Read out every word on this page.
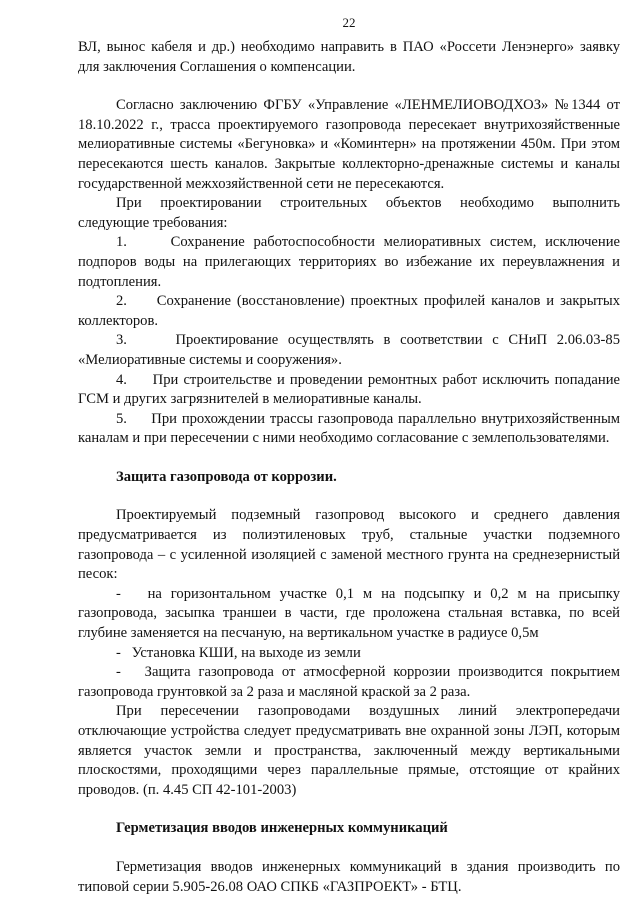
22

ВЛ, вынос кабеля и др.) необходимо направить в ПАО «Россети Ленэнерго» заявку для заключения Соглашения о компенсации.

Согласно заключению ФГБУ «Управление «ЛЕНМЕЛИОВОДХОЗ» №1344 от 18.10.2022 г., трасса проектируемого газопровода пересекает внутрихозяйственные мелиоративные системы «Бегуновка» и «Коминтерн» на протяжении 450м. При этом пересекаются шесть каналов. Закрытые коллекторно-дренажные системы и каналы государственной межхозяйственной сети не пересекаются.

При проектировании строительных объектов необходимо выполнить следующие требования:

1.     Сохранение работоспособности мелиоративных систем, исключение подпоров воды на прилегающих территориях во избежание их переувлажнения и подтопления.

2.     Сохранение (восстановление) проектных профилей каналов и закрытых коллекторов.

3.     Проектирование осуществлять в соответствии с СНиП 2.06.03-85 «Мелиоративные системы и сооружения».

4.     При строительстве и проведении ремонтных работ исключить попадание ГСМ и других загрязнителей в мелиоративные каналы.

5.     При прохождении трассы газопровода параллельно внутрихозяйственным каналам и при пересечении с ними необходимо согласование с землепользователями.

Защита газопровода от коррозии.

Проектируемый подземный газопровод высокого и среднего давления предусматривается из полиэтиленовых труб, стальные участки подземного газопровода – с усиленной изоляцией с заменой местного грунта на среднезернистый песок:

-   на горизонтальном участке 0,1 м на подсыпку и 0,2 м на присыпку газопровода, засыпка траншеи в части, где проложена стальная вставка, по всей глубине заменяется на песчаную, на вертикальном участке в радиусе 0,5м

-   Установка КШИ, на выходе из земли

-   Защита газопровода от атмосферной коррозии производится покрытием газопровода грунтовкой за 2 раза и масляной краской за 2 раза.

При пересечении газопроводами воздушных линий электропередачи отключающие устройства следует предусматривать вне охранной зоны ЛЭП, которым является участок земли и пространства, заключенный между вертикальными плоскостями, проходящими через параллельные прямые, отстоящие от крайних проводов. (п. 4.45 СП 42-101-2003)

Герметизация вводов инженерных коммуникаций

Герметизация вводов инженерных коммуникаций в здания производить по типовой серии 5.905-26.08 ОАО СПКБ «ГАЗПРОЕКТ» - БТЦ.
